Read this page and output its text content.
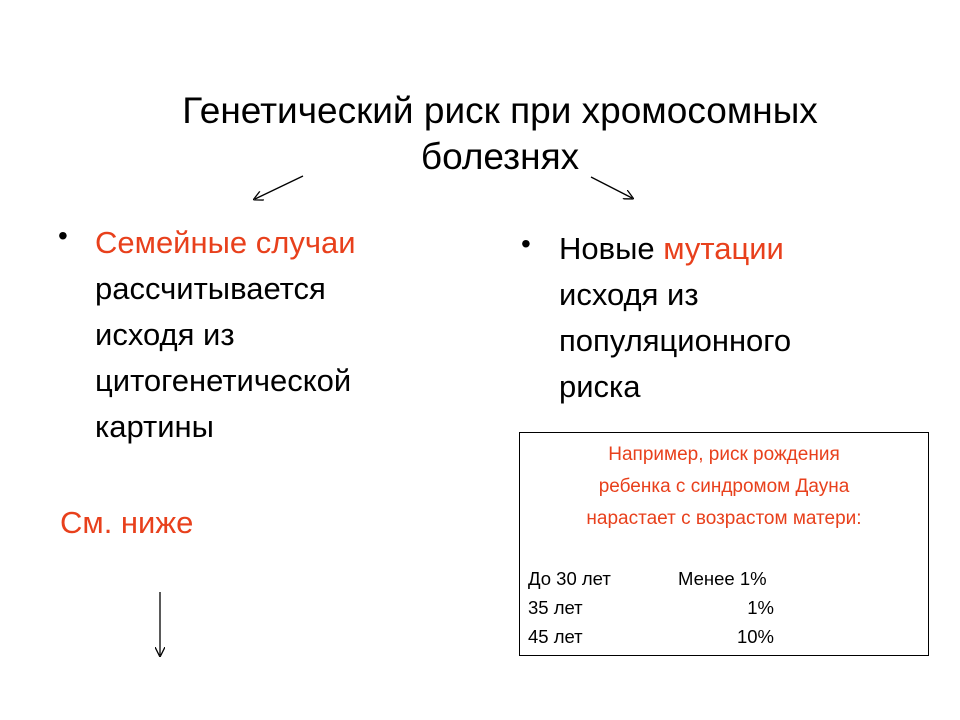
Генетический риск при хромосомных
болезнях
• Семейные случаи
рассчитывается
исходя из
цитогенетической
картины
См. ниже
• Новые мутации
исходя из
популяционного
риска
Например, риск рождения
ребенка с синдромом Дауна
нарастает с возрастом матери:
До 30 лет	Менее 1%
35 лет	1%
45 лет	10%
